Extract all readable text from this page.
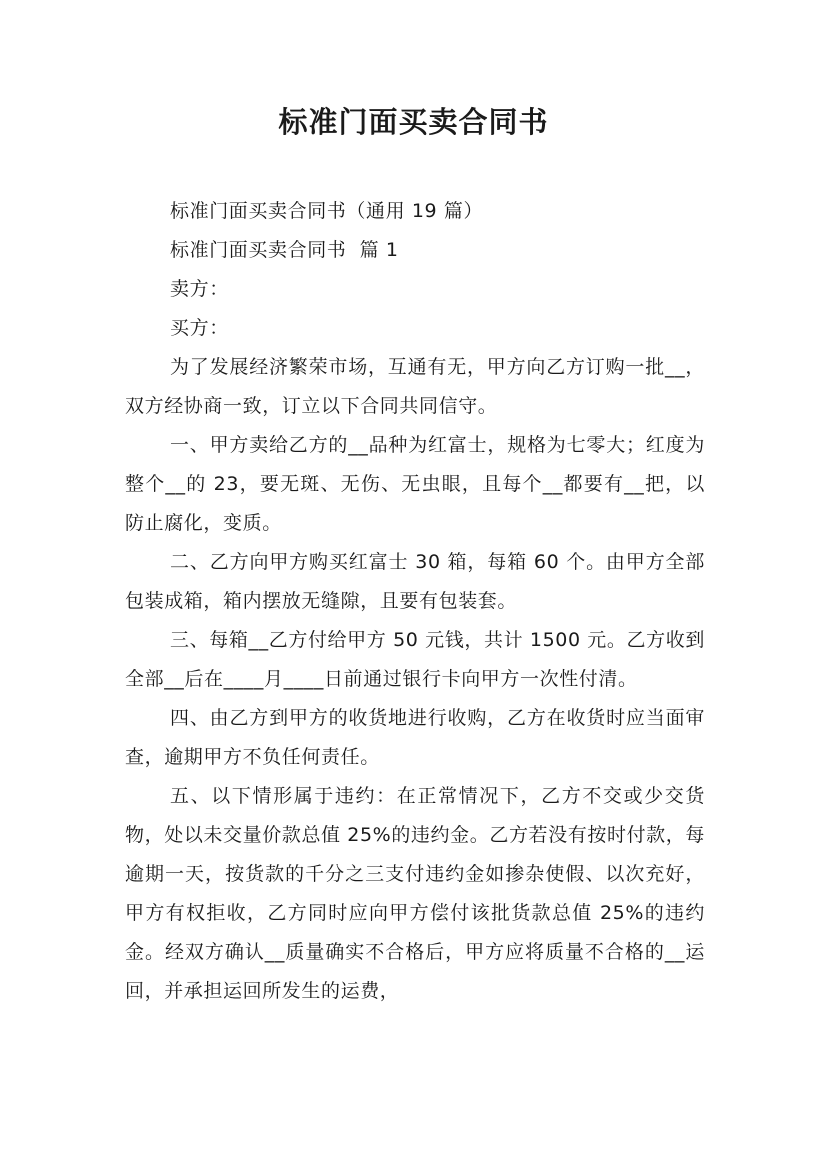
标准门面买卖合同书

标准门面买卖合同书（通用 19 篇）

标准门面买卖合同书  篇 1

卖方：

买方：

为了发展经济繁荣市场，互通有无，甲方向乙方订购一批__，双方经协商一致，订立以下合同共同信守。

一、甲方卖给乙方的__品种为红富士，规格为七零大；红度为整个__的 23，要无斑、无伤、无虫眼，且每个__都要有__把，以防止腐化，变质。

二、乙方向甲方购买红富士 30 箱，每箱 60 个。由甲方全部包装成箱，箱内摆放无缝隙，且要有包装套。

三、每箱__乙方付给甲方 50 元钱，共计 1500 元。乙方收到全部__后在____月____日前通过银行卡向甲方一次性付清。

四、由乙方到甲方的收货地进行收购，乙方在收货时应当面审查，逾期甲方不负任何责任。

五、以下情形属于违约：在正常情况下，乙方不交或少交货物，处以未交量价款总值 25%的违约金。乙方若没有按时付款，每逾期一天，按货款的千分之三支付违约金如掺杂使假、以次充好，甲方有权拒收，乙方同时应向甲方偿付该批货款总值 25%的违约金。经双方确认__质量确实不合格后，甲方应将质量不合格的__运回，并承担运回所发生的运费，
